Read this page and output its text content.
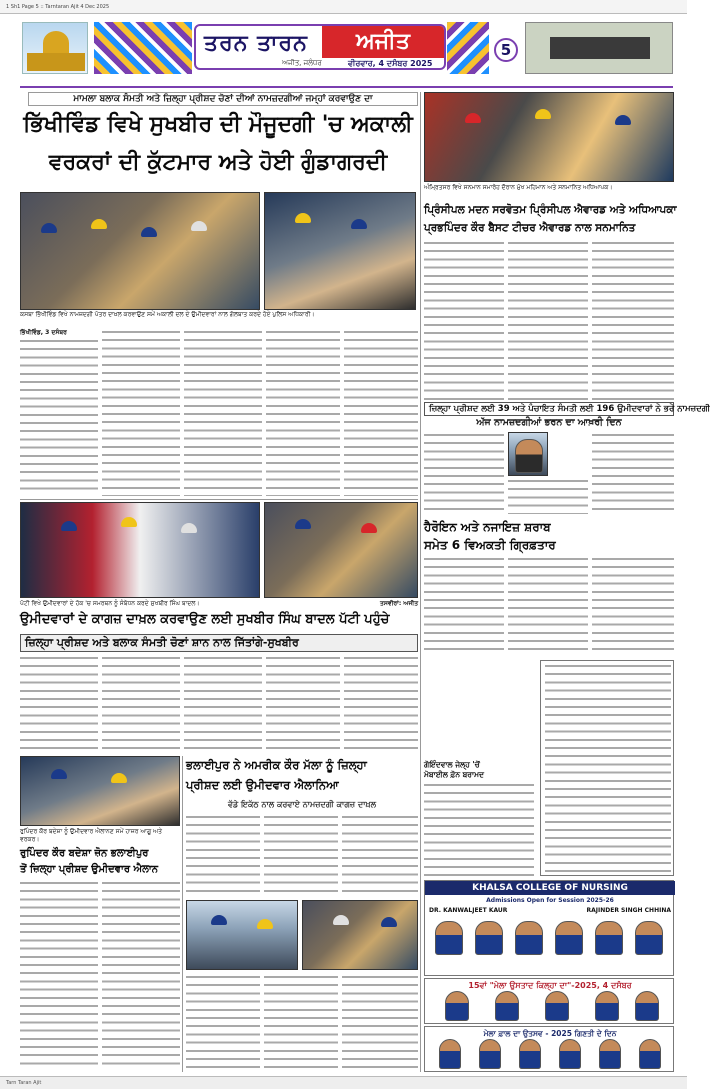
1 Sh1 Page 5 :: Tarntaran Ajit 4 Dec 2025
ਤਰਨ ਤਾਰਨ	ਅਜੀਤ
ਅਜੀਤ, ਜਲੰਧਰ	ਵੀਰਵਾਰ, 4 ਦਸੰਬਰ 2025
5
ਮਾਮਲਾ ਬਲਾਕ ਸੰਮਤੀ ਅਤੇ ਜ਼ਿਲ੍ਹਾ ਪ੍ਰੀਸ਼ਦ ਚੋਣਾਂ ਦੀਆਂ ਨਾਮਜ਼ਦਗੀਆਂ ਜਮ੍ਹਾਂ ਕਰਵਾਉਣ ਦਾ
ਭਿੱਖੀਵਿੰਡ ਵਿਖੇ ਸੁਖਬੀਰ ਦੀ ਮੌਜੂਦਗੀ 'ਚ ਅਕਾਲੀ
ਵਰਕਰਾਂ ਦੀ ਕੁੱਟਮਾਰ ਅਤੇ ਹੋਈ ਗੁੰਡਾਗਰਦੀ
ਕਸਬਾ ਭਿੱਖੀਵਿੰਡ ਵਿਖੇ ਨਾਮਜ਼ਦਗੀ ਪੱਤਰ ਦਾਖ਼ਲ ਕਰਵਾਉਣ ਸਮੇਂ ਅਕਾਲੀ ਦਲ ਦੇ ਉਮੀਦਵਾਰਾਂ ਨਾਲ ਗੱਲਬਾਤ ਕਰਦੇ ਹੋਏ ਪੁਲਿਸ ਅਧਿਕਾਰੀ।
ਭਿੱਖੀਵਿੰਡ, 3 ਦਸੰਬਰ
ਅੰਮ੍ਰਿਤਸਰ ਵਿਖੇ ਸਨਮਾਨ ਸਮਾਰੋਹ ਦੌਰਾਨ ਮੁੱਖ ਮਹਿਮਾਨ ਅਤੇ ਸਨਮਾਨਿਤ ਅਧਿਆਪਕ।
ਪ੍ਰਿੰਸੀਪਲ ਮਦਨ ਸਰਵੋਤਮ ਪ੍ਰਿੰਸੀਪਲ ਐਵਾਰਡ ਅਤੇ ਅਧਿਆਪਕਾ
ਪ੍ਰਭਪਿੰਦਰ ਕੌਰ ਬੈਸਟ ਟੀਚਰ ਐਵਾਰਡ ਨਾਲ ਸਨਮਾਨਿਤ
ਜ਼ਿਲ੍ਹਾ ਪ੍ਰੀਸ਼ਦ ਲਈ 39 ਅਤੇ ਪੰਚਾਇਤ ਸੰਮਤੀ ਲਈ 196 ਉਮੀਦਵਾਰਾਂ ਨੇ ਭਰੇ ਨਾਮਜ਼ਦਗੀ
ਅੱਜ ਨਾਮਜ਼ਦਗੀਆਂ ਭਰਨ ਦਾ ਆਖ਼ਰੀ ਦਿਨ
ਹੈਰੋਇਨ ਅਤੇ ਨਜਾਇਜ਼ ਸ਼ਰਾਬ
ਸਮੇਤ 6 ਵਿਅਕਤੀ ਗ੍ਰਿਫ਼ਤਾਰ
ਪੱਟੀ ਵਿਖੇ ਉਮੀਦਵਾਰਾਂ ਦੇ ਹੱਕ 'ਚ ਸਮਰਥਨ ਨੂੰ ਸੰਬੋਧਨ ਕਰਦੇ ਸੁਖਬੀਰ ਸਿੰਘ ਬਾਦਲ।	ਤਸਵੀਰਾਂ: ਅਜੀਤ
ਉਮੀਦਵਾਰਾਂ ਦੇ ਕਾਗਜ਼ ਦਾਖ਼ਲ ਕਰਵਾਉਣ ਲਈ ਸੁਖਬੀਰ ਸਿੰਘ ਬਾਦਲ ਪੱਟੀ ਪਹੁੰਚੇ
ਜ਼ਿਲ੍ਹਾ ਪ੍ਰੀਸ਼ਦ ਅਤੇ ਬਲਾਕ ਸੰਮਤੀ ਚੋਣਾਂ ਸ਼ਾਨ ਨਾਲ ਜਿੱਤਾਂਗੇ-ਸੁਖਬੀਰ
ਰੁਪਿੰਦਰ ਕੌਰ ਬਦੇਸ਼ਾ ਨੂੰ ਉਮੀਦਵਾਰ ਐਲਾਨਣ ਸਮੇਂ ਹਾਜ਼ਰ ਆਗੂ ਅਤੇ ਵਰਕਰ।
ਰੁਪਿੰਦਰ ਕੌਰ ਬਦੇਸ਼ਾ ਜ਼ੋਨ ਭਲਾਈਪੁਰ
ਤੋਂ ਜ਼ਿਲ੍ਹਾ ਪ੍ਰੀਸ਼ਦ ਉਮੀਦਵਾਰ ਐਲਾਨ
ਭਲਾਈਪੁਰ ਨੇ ਅਮਰੀਕ ਕੌਰ ਮੱਲਾ ਨੂੰ ਜ਼ਿਲ੍ਹਾ
ਪ੍ਰੀਸ਼ਦ ਲਈ ਉਮੀਦਵਾਰ ਐਲਾਨਿਆ
ਵੱਡੇ ਇਕੱਠ ਨਾਲ ਕਰਵਾਏ ਨਾਮਜ਼ਦਗੀ ਕਾਗਜ਼ ਦਾਖ਼ਲ
ਗੋਇੰਦਵਾਲ ਜੇਲ੍ਹ 'ਚੋਂ
ਮੋਬਾਈਲ ਫ਼ੋਨ ਬਰਾਮਦ
KHALSA COLLEGE OF NURSING
Admissions Open for Session 2025-26
DR. KANWALJEET KAUR	RAJINDER SINGH CHHINA
15ਵਾਂ "ਮੇਲਾ ਉਸਤਾਦ ਕਿਲ੍ਹਾ ਦਾ"-2025, 4 ਦਸੰਬਰ
ਮੇਲਾ ਫ਼ਾਲ ਦਾ ਉਤਸਵ - 2025 ਗਿਣਤੀ ਦੇ ਦਿਨ
Tarn Taran Ajit
